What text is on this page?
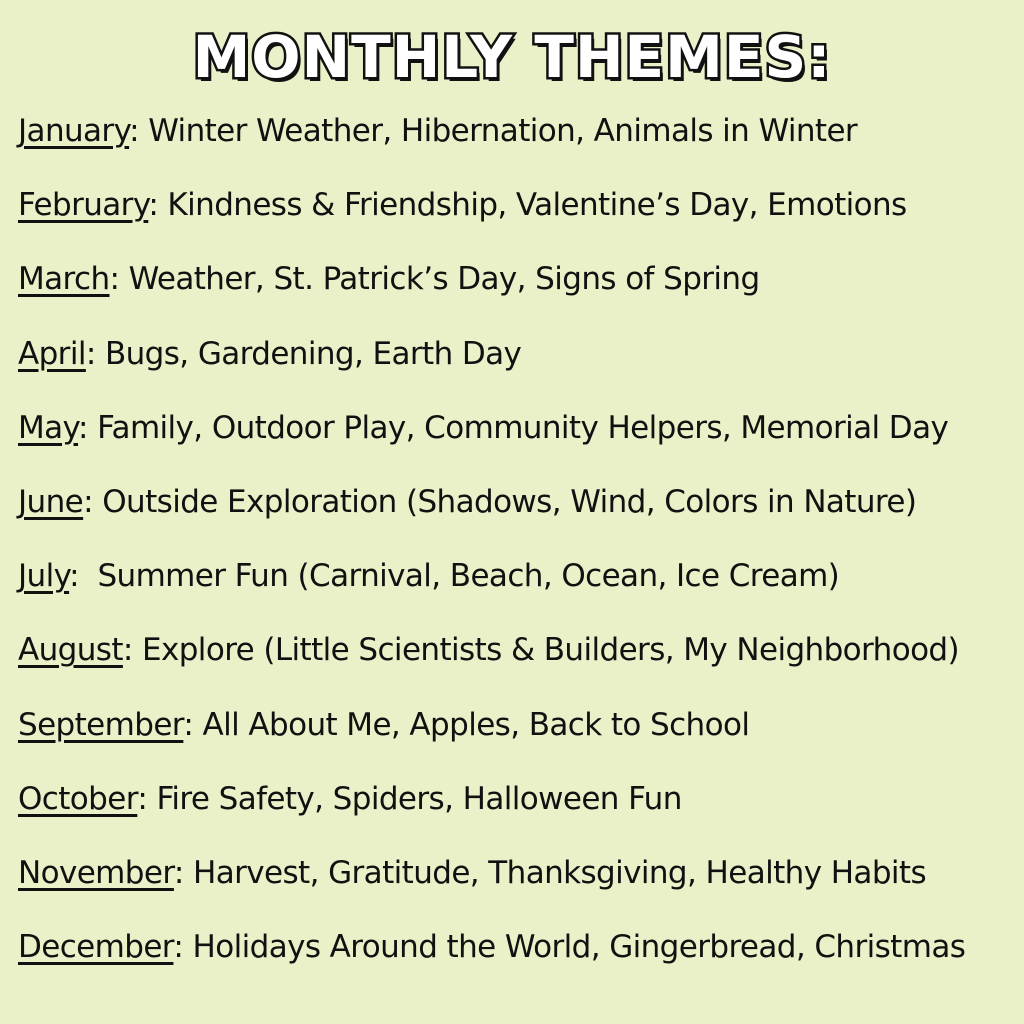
MONTHLY THEMES:
January: Winter Weather, Hibernation, Animals in Winter
February: Kindness & Friendship, Valentine’s Day, Emotions
March: Weather, St. Patrick’s Day, Signs of Spring
April: Bugs, Gardening, Earth Day
May: Family, Outdoor Play, Community Helpers, Memorial Day
June: Outside Exploration (Shadows, Wind, Colors in Nature)
July:  Summer Fun (Carnival, Beach, Ocean, Ice Cream)
August: Explore (Little Scientists & Builders, My Neighborhood)
September: All About Me, Apples, Back to School
October: Fire Safety, Spiders, Halloween Fun
November: Harvest, Gratitude, Thanksgiving, Healthy Habits
December: Holidays Around the World, Gingerbread, Christmas
